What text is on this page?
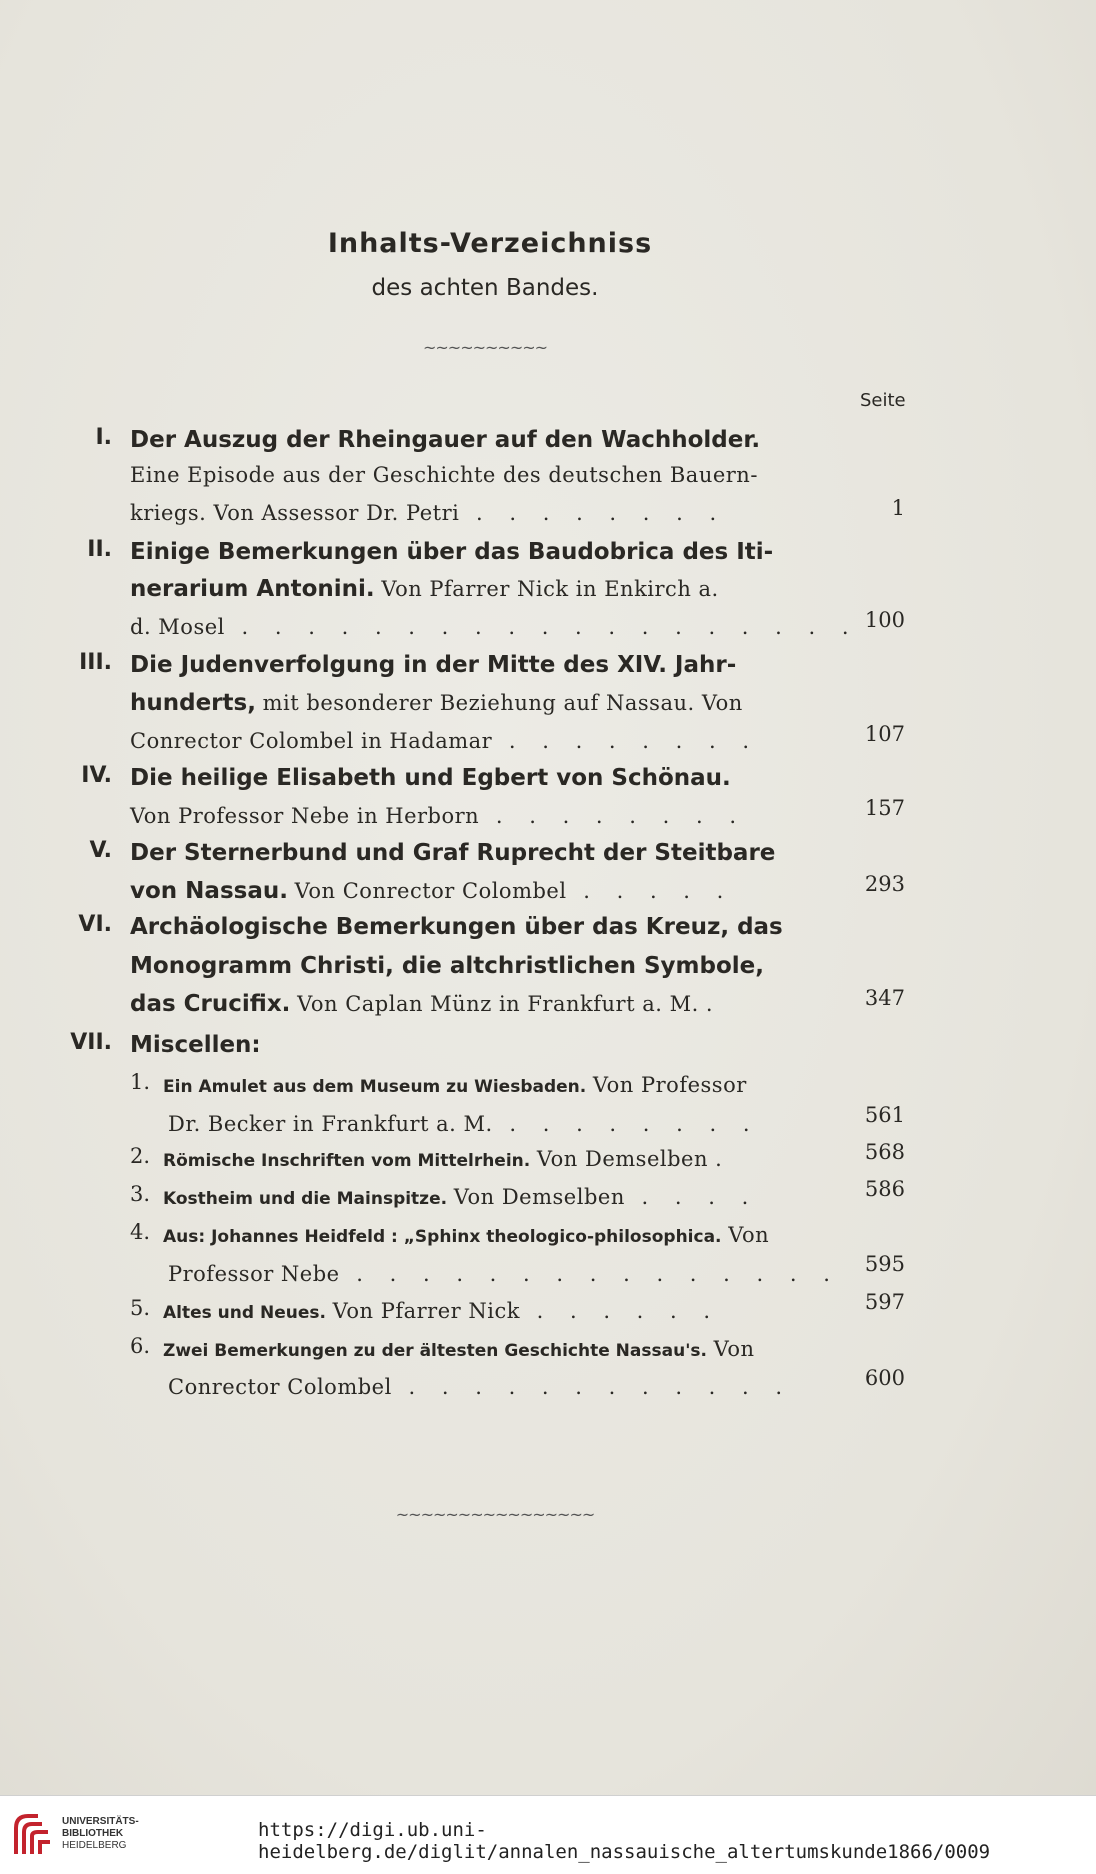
Inhalts-Verzeichniss
des achten Bandes.
~~~~~~~~~~
Seite
I. Der Auszug der Rheingauer auf den Wachholder.
Eine Episode aus der Geschichte des deutschen Bauern-
kriegs. Von Assessor Dr. Petri . . . . . . . .	1
II. Einige Bemerkungen über das Baudobrica des Iti-
nerarium Antonini. Von Pfarrer Nick in Enkirch a.
d. Mosel . . . . . . . . . . . . . . . . . . . 100
III. Die Judenverfolgung in der Mitte des XIV. Jahr-
hunderts, mit besonderer Beziehung auf Nassau. Von
Conrector Colombel in Hadamar . . . . . . . .	107
IV. Die heilige Elisabeth und Egbert von Schönau.
Von Professor Nebe in Herborn . . . . . . . .	157
V. Der Sternerbund und Graf Ruprecht der Steitbare
von Nassau. Von Conrector Colombel . . . . .	293
VI. Archäologische Bemerkungen über das Kreuz, das
Monogramm Christi, die altchristlichen Symbole,
das Crucifix. Von Caplan Münz in Frankfurt a. M. .	347
VII. Miscellen:
1. Ein Amulet aus dem Museum zu Wiesbaden. Von Professor
Dr. Becker in Frankfurt a. M. . . . . . . . .	561
2. Römische Inschriften vom Mittelrhein. Von Demselben .	568
3. Kostheim und die Mainspitze. Von Demselben . . . .	586
4. Aus: Johannes Heidfeld : „Sphinx theologico-philosophica. Von
Professor Nebe . . . . . . . . . . . . . . .	595
5. Altes und Neues. Von Pfarrer Nick . . . . . .	597
6. Zwei Bemerkungen zu der ältesten Geschichte Nassau's. Von
Conrector Colombel . . . . . . . . . . . .	600
~~~~~~~~~~~~~~~~
UNIVERSITÄTS-
BIBLIOTHEK
HEIDELBERG
https://digi.ub.uni-heidelberg.de/diglit/annalen_nassauische_altertumskunde1866/0009
